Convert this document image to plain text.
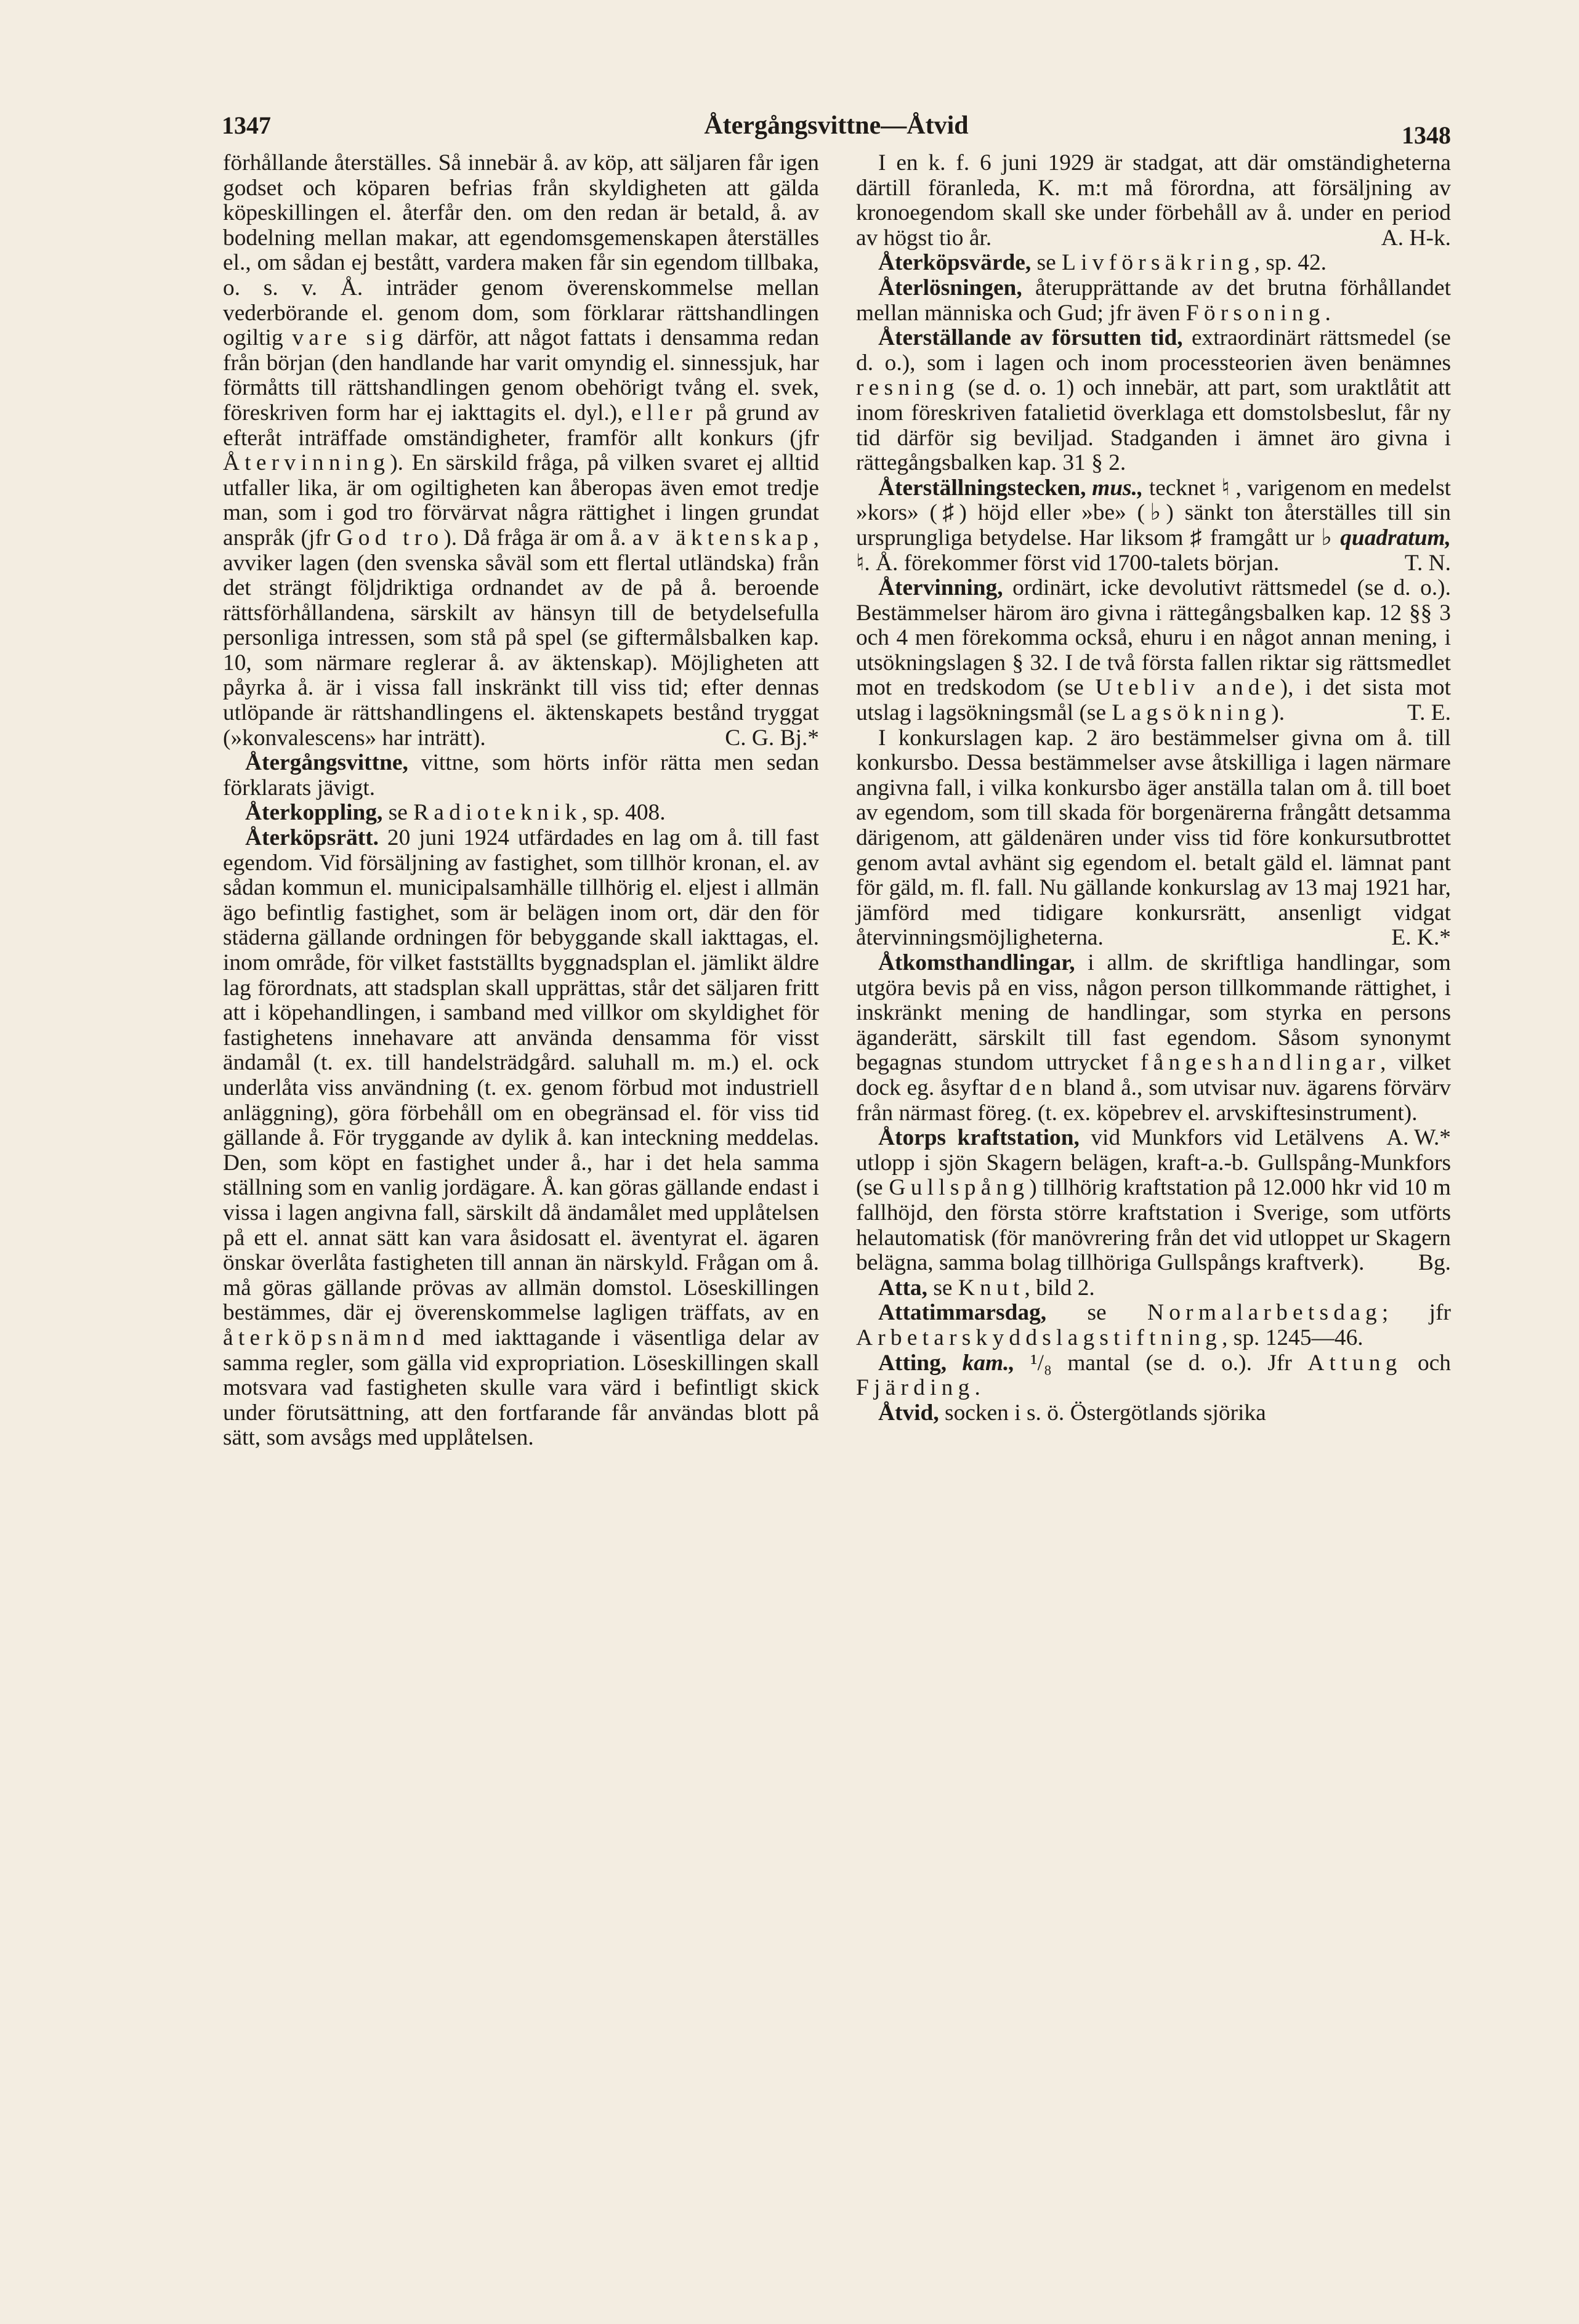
1347	Återgångsvittne—Åtvid	1348

förhållande återställes. Så innebär å. av köp, att säljaren får igen godset och köparen befrias från skyldigheten att gälda köpeskillingen el. återfår den. om den redan är betald, å. av bodelning mellan makar, att egendomsgemenskapen återställes el., om sådan ej bestått, vardera maken får sin egendom tillbaka, o. s. v. Å. inträder genom överenskommelse mellan vederbörande el. genom dom, som förklarar rättshandlingen ogiltig vare sig därför, att något fattats i densamma redan från början (den handlande har varit omyndig el. sinnessjuk, har förmåtts till rättshandlingen genom obehörigt tvång el. svek, föreskriven form har ej iakttagits el. dyl.), eller på grund av efteråt inträffade omständigheter, framför allt konkurs (jfr Återvinning). En särskild fråga, på vilken svaret ej alltid utfaller lika, är om ogiltigheten kan åberopas även emot tredje man, som i god tro förvärvat några rättighet i lingen grundat anspråk (jfr God tro). Då fråga är om å. av äktenskap, avviker lagen (den svenska såväl som ett flertal utländska) från det strängt följdriktiga ordnandet av de på å. beroende rättsförhållandena, särskilt av hänsyn till de betydelsefulla personliga intressen, som stå på spel (se giftermålsbalken kap. 10, som närmare reglerar å. av äktenskap). Möjligheten att påyrka å. är i vissa fall inskränkt till viss tid; efter dennas utlöpande är rättshandlingens el. äktenskapets bestånd tryggat (»konvalescens» har inträtt).	C. G. Bj.*

Återgångsvittne, vittne, som hörts inför rätta men sedan förklarats jävigt.

Återkoppling, se Radioteknik, sp. 408.

Återköpsrätt. 20 juni 1924 utfärdades en lag om å. till fast egendom. Vid försäljning av fastighet, som tillhör kronan, el. av sådan kommun el. municipalsamhälle tillhörig el. eljest i allmän ägo befintlig fastighet, som är belägen inom ort, där den för städerna gällande ordningen för bebyggande skall iakttagas, el. inom område, för vilket fastställts byggnadsplan el. jämlikt äldre lag förordnats, att stadsplan skall upprättas, står det säljaren fritt att i köpehandlingen, i samband med villkor om skyldighet för fastighetens innehavare att använda densamma för visst ändamål (t. ex. till handelsträdgård. saluhall m. m.) el. ock underlåta viss användning (t. ex. genom förbud mot industriell anläggning), göra förbehåll om en obegränsad el. för viss tid gällande å. För tryggande av dylik å. kan inteckning meddelas. Den, som köpt en fastighet under å., har i det hela samma ställning som en vanlig jordägare. Å. kan göras gällande endast i vissa i lagen angivna fall, särskilt då ändamålet med upplåtelsen på ett el. annat sätt kan vara åsidosatt el. äventyrat el. ägaren önskar överlåta fastigheten till annan än närskyld. Frågan om å. må göras gällande prövas av allmän domstol. Löseskillingen bestämmes, där ej överenskommelse lagligen träffats, av en återköpsnämnd med iakttagande i väsentliga delar av samma regler, som gälla vid expropriation. Löseskillingen skall motsvara vad fastigheten skulle vara värd i befintligt skick under förutsättning, att den fortfarande får användas blott på sätt, som avsågs med upplåtelsen.

I en k. f. 6 juni 1929 är stadgat, att där omständigheterna därtill föranleda, K. m:t må förordna, att försäljning av kronoegendom skall ske under förbehåll av å. under en period av högst tio år.	A. H-k.

Återköpsvärde, se Livförsäkring, sp. 42.

Återlösningen, återupprättande av det brutna förhållandet mellan människa och Gud; jfr även Försoning.

Återställande av försutten tid, extraordinärt rättsmedel (se d. o.), som i lagen och inom processteorien även benämnes resning (se d. o. 1) och innebär, att part, som uraktlåtit att inom föreskriven fatalietid överklaga ett domstolsbeslut, får ny tid därför sig beviljad. Stadganden i ämnet äro givna i rättegångsbalken kap. 31 § 2.

Återställningstecken, mus., tecknet ♮ , varigenom en medelst »kors» (♯) höjd eller »be» (♭) sänkt ton återställes till sin ursprungliga betydelse. Har liksom ♯ framgått ur ♭ quadratum, ♮. Å. förekommer först vid 1700-talets början.	T. N.

Återvinning, ordinärt, icke devolutivt rättsmedel (se d. o.). Bestämmelser härom äro givna i rättegångsbalken kap. 12 §§ 3 och 4 men förekomma också, ehuru i en något annan mening, i utsökningslagen § 32. I de två första fallen riktar sig rättsmedlet mot en tredskodom (se Utebliv ande), i det sista mot utslag i lagsökningsmål (se Lagsökning).	T. E.

I konkurslagen kap. 2 äro bestämmelser givna om å. till konkursbo. Dessa bestämmelser avse åtskilliga i lagen närmare angivna fall, i vilka konkursbo äger anställa talan om å. till boet av egendom, som till skada för borgenärerna frångått detsamma därigenom, att gäldenären under viss tid före konkursutbrottet genom avtal avhänt sig egendom el. betalt gäld el. lämnat pant för gäld, m. fl. fall. Nu gällande konkurslag av 13 maj 1921 har, jämförd med tidigare konkursrätt, ansenligt vidgat återvinningsmöjligheterna.	E. K.*

Åtkomsthandlingar, i allm. de skriftliga handlingar, som utgöra bevis på en viss, någon person tillkommande rättighet, i inskränkt mening de handlingar, som styrka en persons äganderätt, särskilt till fast egendom. Såsom synonymt begagnas stundom uttrycket fångeshandlingar, vilket dock eg. åsyftar den bland å., som utvisar nuv. ägarens förvärv från närmast föreg. (t. ex. köpebrev el. arvskiftesinstrument).
A. W.*

Åtorps kraftstation, vid Munkfors vid Letälvens utlopp i sjön Skagern belägen, kraft-a.-b. Gullspång-Munkfors (se Gullspång) tillhörig kraftstation på 12.000 hkr vid 10 m fallhöjd, den första större kraftstation i Sverige, som utförts helautomatisk (för manövrering från det vid utloppet ur Skagern belägna, samma bolag tillhöriga Gullspångs kraftverk).	Bg.

Atta, se Knut, bild 2.

Attatimmarsdag, se Normalarbetsdag; jfr Arbetarskyddslagstiftning, sp. 1245—46.

Atting, kam., ¹/₈ mantal (se d. o.). Jfr Attung och Fjärding.

Åtvid, socken i s. ö. Östergötlands sjörika
